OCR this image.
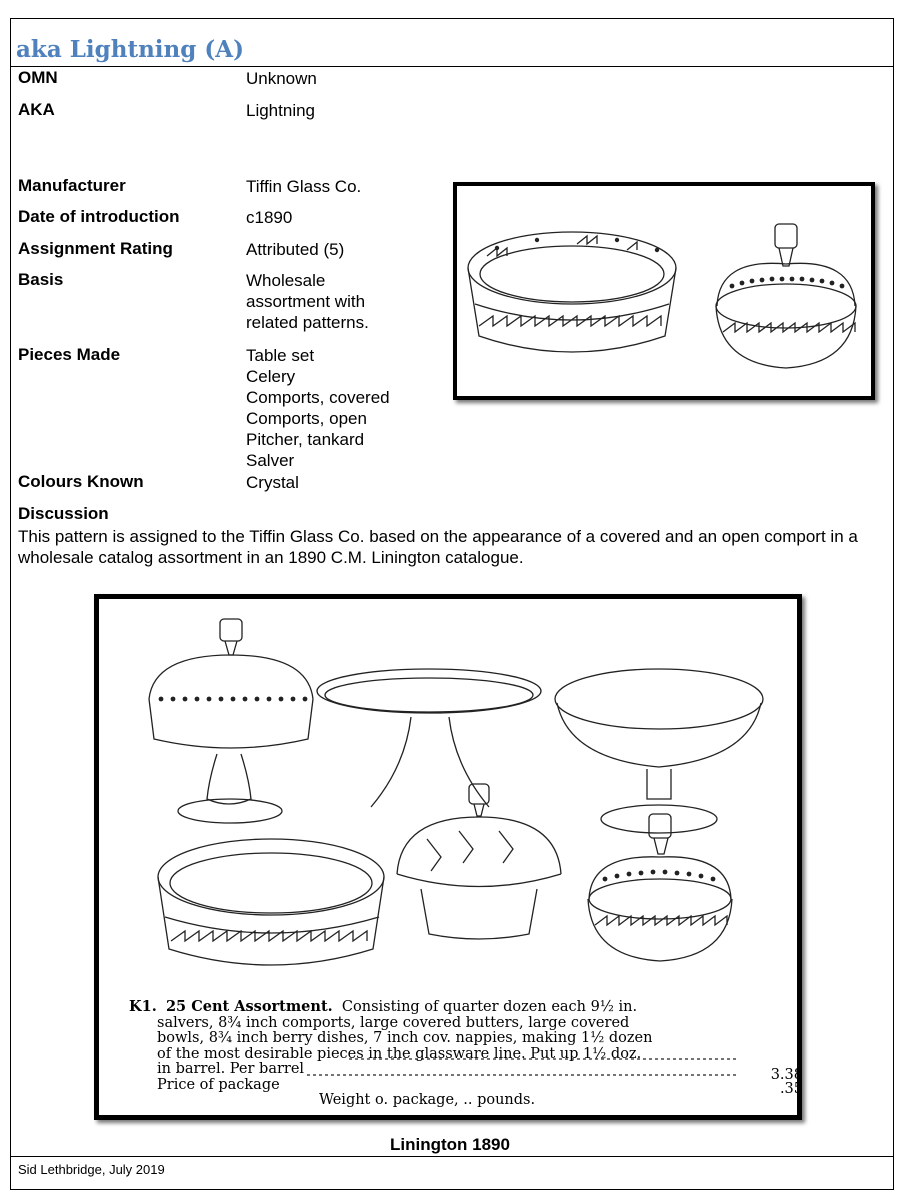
aka Lightning (A)
OMN	Unknown
AKA	Lightning
Manufacturer	Tiffin Glass Co.
Date of introduction	c1890
Assignment Rating	Attributed (5)
Basis	Wholesale
assortment with
related patterns.
Pieces Made	Table set
Celery
Comports, covered
Comports, open
Pitcher, tankard
Salver
Colours Known	Crystal
Discussion
This pattern is assigned to the Tiffin Glass Co. based on the appearance of a covered and an open comport in a wholesale catalog assortment in an 1890 C.M. Linington catalogue.
K1. 25 Cent Assortment. Consisting of quarter dozen each 9½ in.
salvers, 8¾ inch comports, large covered butters, large covered
bowls, 8¾ inch berry dishes, 7 inch cov. nappies, making 1½ dozen
of the most desirable pieces in the glassware line. Put up 1½ doz.
in barrel. Per barrel	3.38
Price of package	.35
Weight o. package, .. pounds.
Linington 1890
Sid Lethbridge, July 2019
